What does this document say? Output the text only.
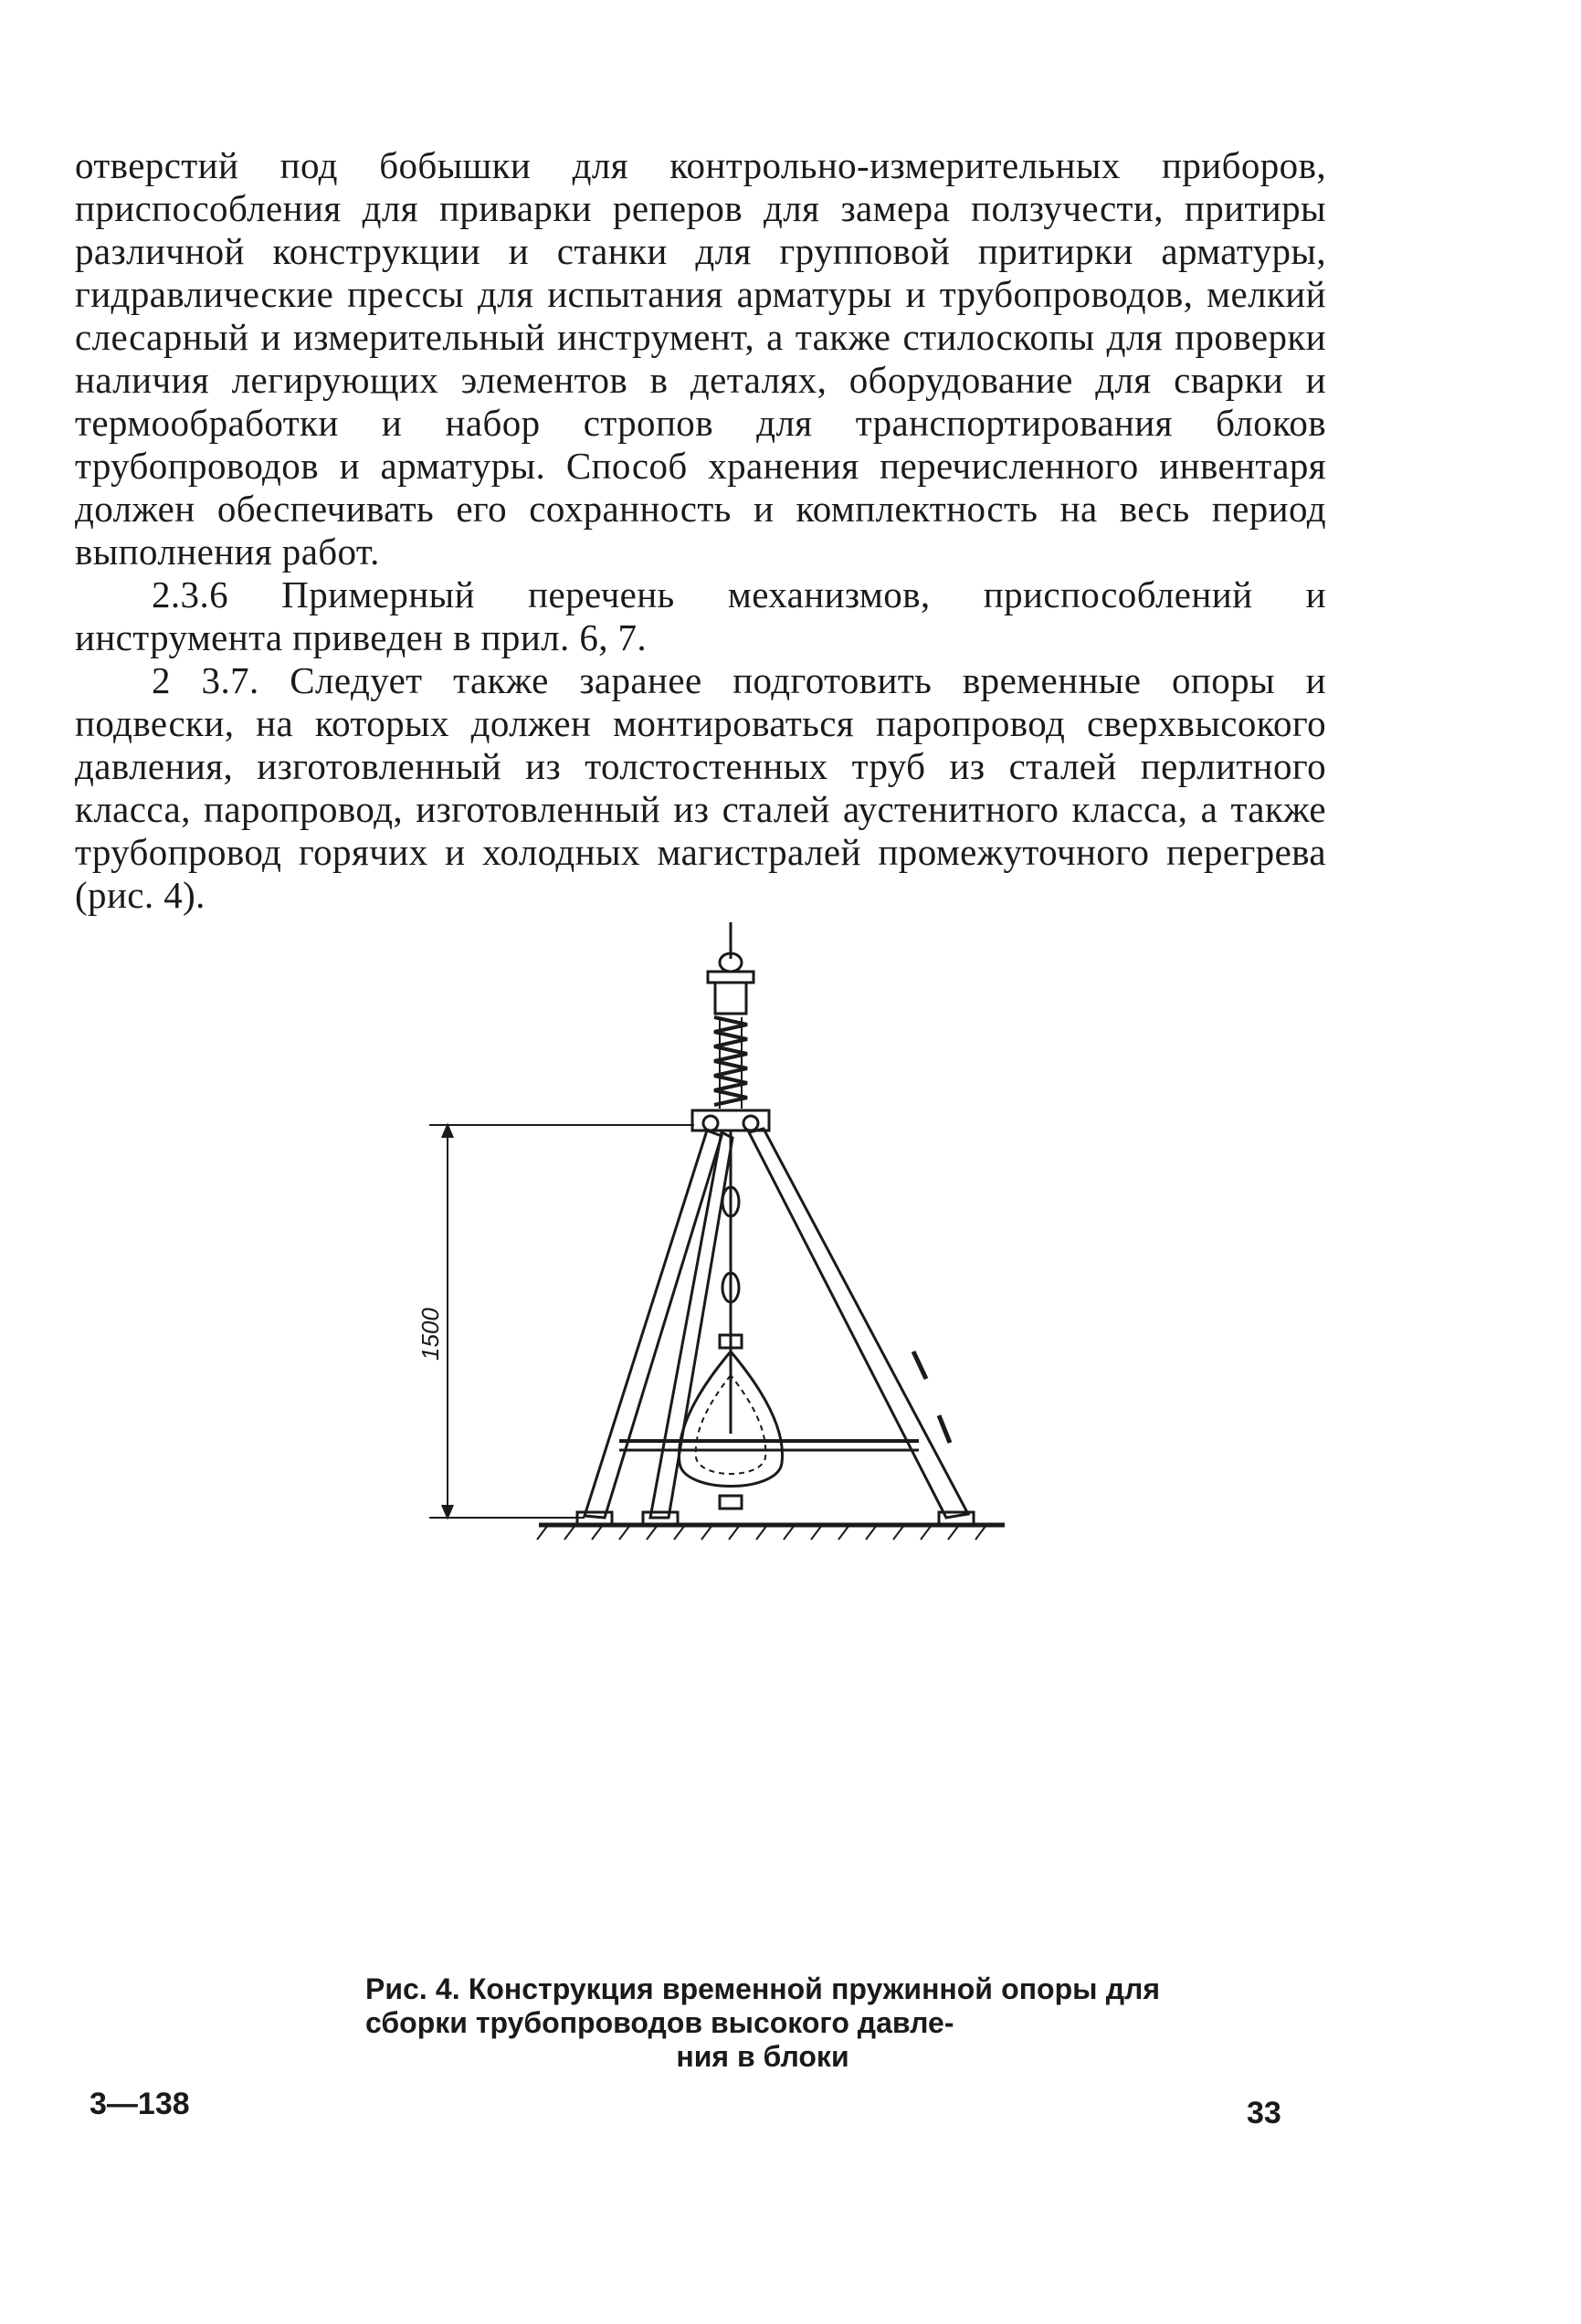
отверстий под бобышки для контрольно-измерительных приборов, приспособления для приварки реперов для замера ползучести, притиры различной конструкции и станки для групповой притирки арматуры, гидравлические прессы для испытания арматуры и трубопроводов, мелкий слесарный и измерительный инструмент, а также стилоскопы для проверки наличия легирующих элементов в деталях, оборудование для сварки и термообработки и набор стропов для транспортирования блоков трубопроводов и арматуры. Способ хранения перечисленного инвентаря должен обеспечивать его сохранность и комплектность на весь период выполнения работ.

2.3.6 Примерный перечень механизмов, приспособлений и инструмента приведен в прил. 6, 7.

2 3.7. Следует также заранее подготовить временные опоры и подвески, на которых должен монтироваться паропровод сверхвысокого давления, изготовленный из толстостенных труб из сталей перлитного класса, паропровод, изготовленный из сталей аустенитного класса, а также трубопровод горячих и холодных магистралей промежуточного перегрева (рис. 4).

1500
Рис. 4. Конструкция временной пружинной опоры для сборки трубопроводов высокого давле-
ния в блоки
3—138	33
